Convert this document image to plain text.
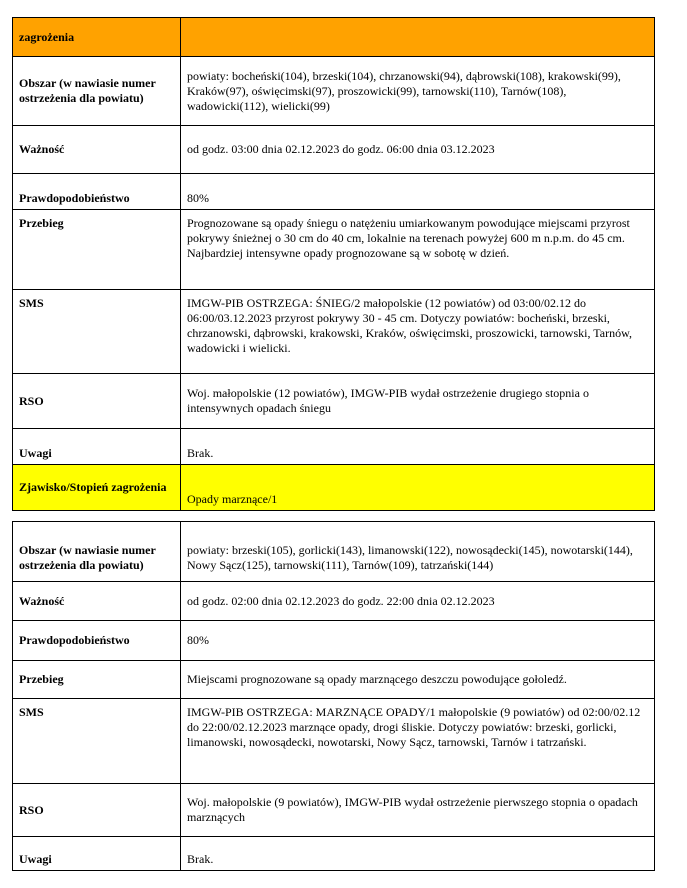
zagrożenia	
Obszar (w nawiasie numer ostrzeżenia dla powiatu)	powiaty: bocheński(104), brzeski(104), chrzanowski(94), dąbrowski(108), krakowski(99), Kraków(97), oświęcimski(97), proszowicki(99), tarnowski(110), Tarnów(108), wadowicki(112), wielicki(99)
Ważność	od godz. 03:00 dnia 02.12.2023 do godz. 06:00 dnia 03.12.2023
Prawdopodobieństwo	80%
Przebieg	Prognozowane są opady śniegu o natężeniu umiarkowanym powodujące miejscami przyrost pokrywy śnieżnej o 30 cm do 40 cm, lokalnie na terenach powyżej 600 m n.p.m. do 45 cm.
Najbardziej intensywne opady prognozowane są w sobotę w dzień.
SMS	IMGW-PIB OSTRZEGA: ŚNIEG/2 małopolskie (12 powiatów) od 03:00/02.12 do 06:00/03.12.2023 przyrost pokrywy 30 - 45 cm. Dotyczy powiatów: bocheński, brzeski, chrzanowski, dąbrowski, krakowski, Kraków, oświęcimski, proszowicki, tarnowski, Tarnów, wadowicki i wielicki.
RSO	Woj. małopolskie (12 powiatów), IMGW-PIB wydał ostrzeżenie drugiego stopnia o intensywnych opadach śniegu
Uwagi	Brak.
Zjawisko/Stopień zagrożenia	Opady marznące/1
Obszar (w nawiasie numer ostrzeżenia dla powiatu)	powiaty: brzeski(105), gorlicki(143), limanowski(122), nowosądecki(145), nowotarski(144), Nowy Sącz(125), tarnowski(111), Tarnów(109), tatrzański(144)
Ważność	od godz. 02:00 dnia 02.12.2023 do godz. 22:00 dnia 02.12.2023
Prawdopodobieństwo	80%
Przebieg	Miejscami prognozowane są opady marznącego deszczu powodujące gołoledź.
SMS	IMGW-PIB OSTRZEGA: MARZNĄCE OPADY/1 małopolskie (9 powiatów) od 02:00/02.12 do 22:00/02.12.2023 marznące opady, drogi śliskie. Dotyczy powiatów: brzeski, gorlicki, limanowski, nowosądecki, nowotarski, Nowy Sącz, tarnowski, Tarnów i tatrzański.
RSO	Woj. małopolskie (9 powiatów), IMGW-PIB wydał ostrzeżenie pierwszego stopnia o opadach marznących
Uwagi	Brak.
